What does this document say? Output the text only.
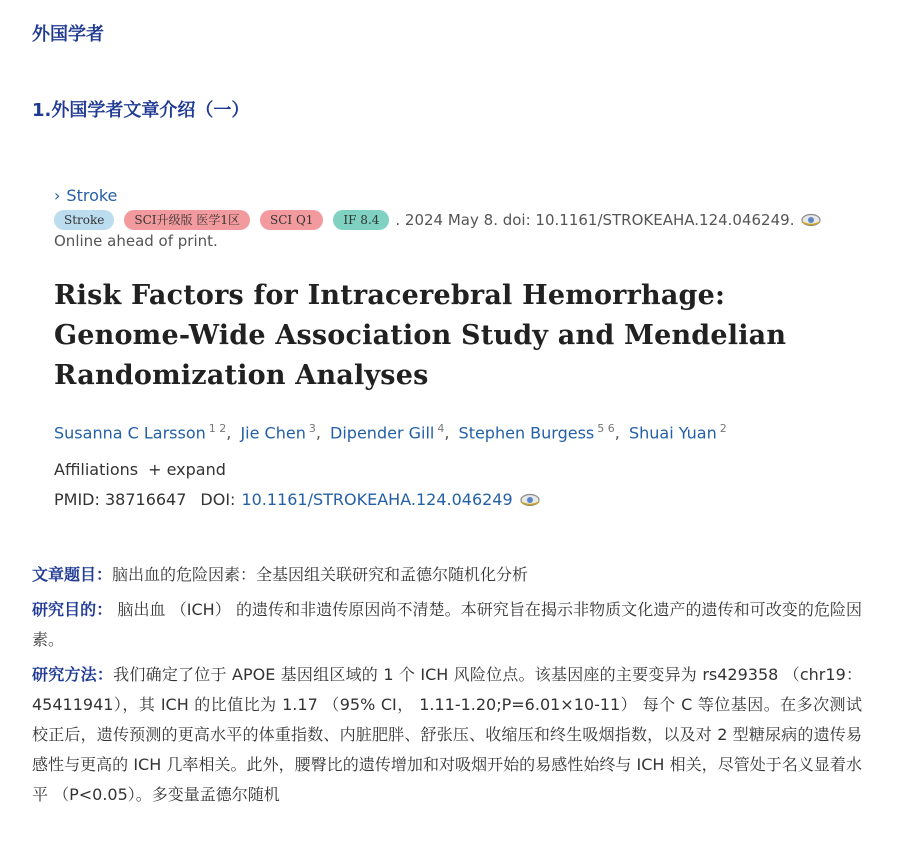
外国学者
1.外国学者文章介绍（一）
› Stroke
Stroke	SCI升级版 医学1区	SCI Q1	IF 8.4	. 2024 May 8. doi: 10.1161/STROKEAHA.124.046249.
Online ahead of print.
Risk Factors for Intracerebral Hemorrhage: Genome-Wide Association Study and Mendelian Randomization Analyses
Susanna C Larsson $^{1 2}$, Jie Chen $^3$, Dipender Gill $^4$, Stephen Burgess $^{5 6}$, Shuai Yuan $^2$
Affiliations + expand
PMID: 38716647 DOI: 10.1161/STROKEAHA.124.046249

文章题目：脑出血的危险因素：全基因组关联研究和孟德尔随机化分析

研究目的： 脑出血 （ICH） 的遗传和非遗传原因尚不清楚。本研究旨在揭示非物质文化遗产的遗传和可改变的危险因素。

研究方法：我们确定了位于 APOE 基因组区域的 1 个 ICH 风险位点。该基因座的主要变异为 rs429358 （chr19：45411941），其 ICH 的比值比为 1.17 （95% CI， 1.11-1.20;P=6.01×10-11） 每个 C 等位基因。在多次测试校正后，遗传预测的更高水平的体重指数、内脏肥胖、舒张压、收缩压和终生吸烟指数，以及对 2 型糖尿病的遗传易感性与更高的 ICH 几率相关。此外，腰臀比的遗传增加和对吸烟开始的易感性始终与 ICH 相关，尽管处于名义显着水平 （P<0.05）。多变量孟德尔随机
